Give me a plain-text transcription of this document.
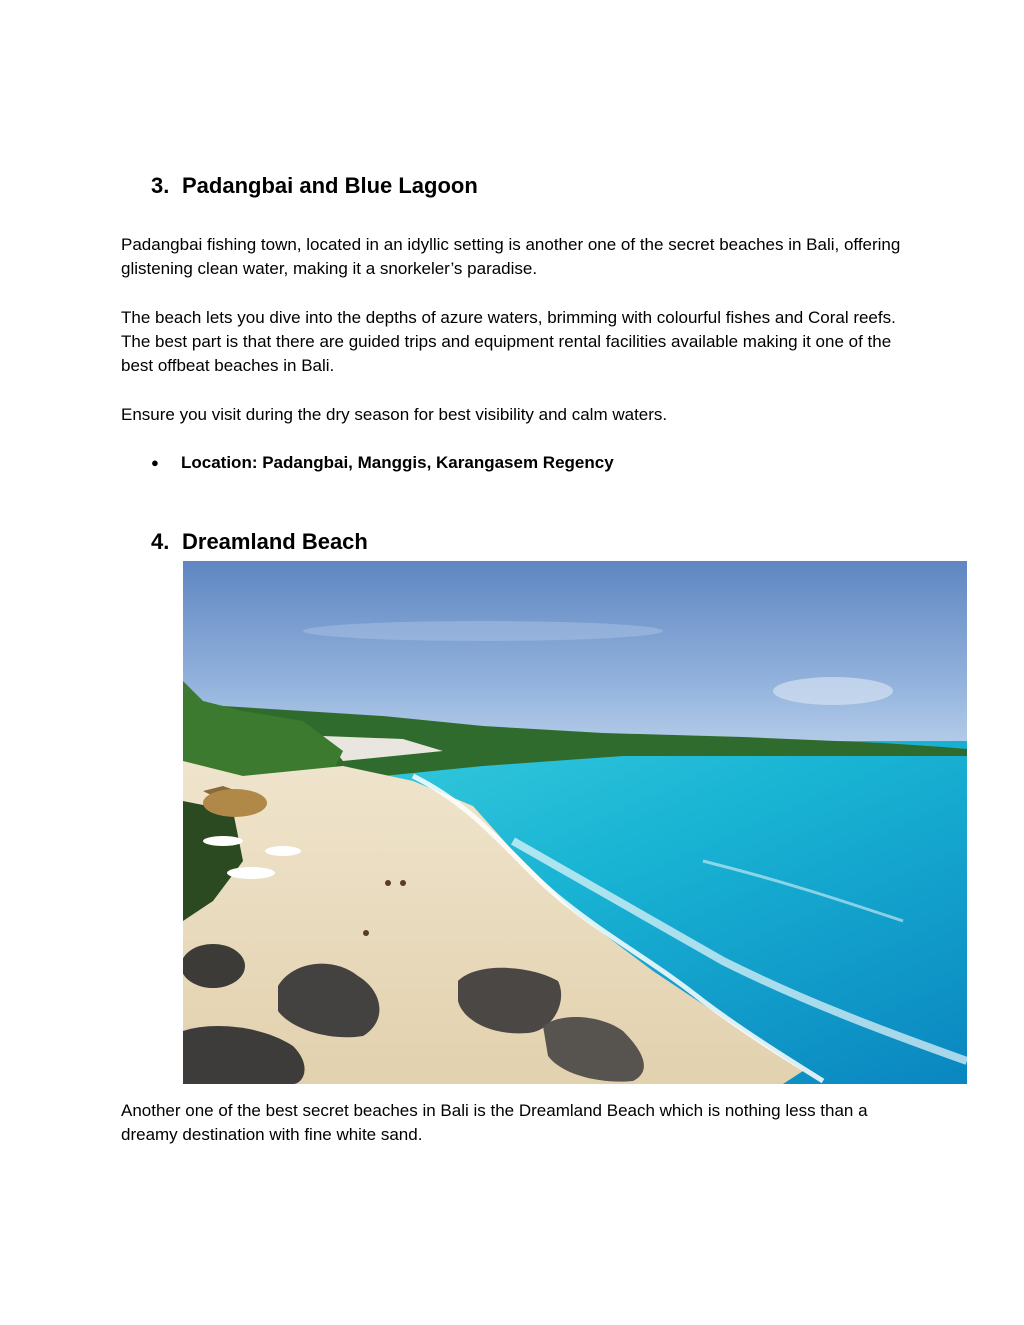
3. Padangbai and Blue Lagoon

Padangbai fishing town, located in an idyllic setting is another one of the secret beaches in Bali, offering glistening clean water, making it a snorkeler’s paradise.

The beach lets you dive into the depths of azure waters, brimming with colourful fishes and Coral reefs. The best part is that there are guided trips and equipment rental facilities available making it one of the best offbeat beaches in Bali.

Ensure you visit during the dry season for best visibility and calm waters.

● Location: Padangbai, Manggis, Karangasem Regency
4. Dreamland Beach

Another one of the best secret beaches in Bali is the Dreamland Beach which is nothing less than a dreamy destination with fine white sand.
